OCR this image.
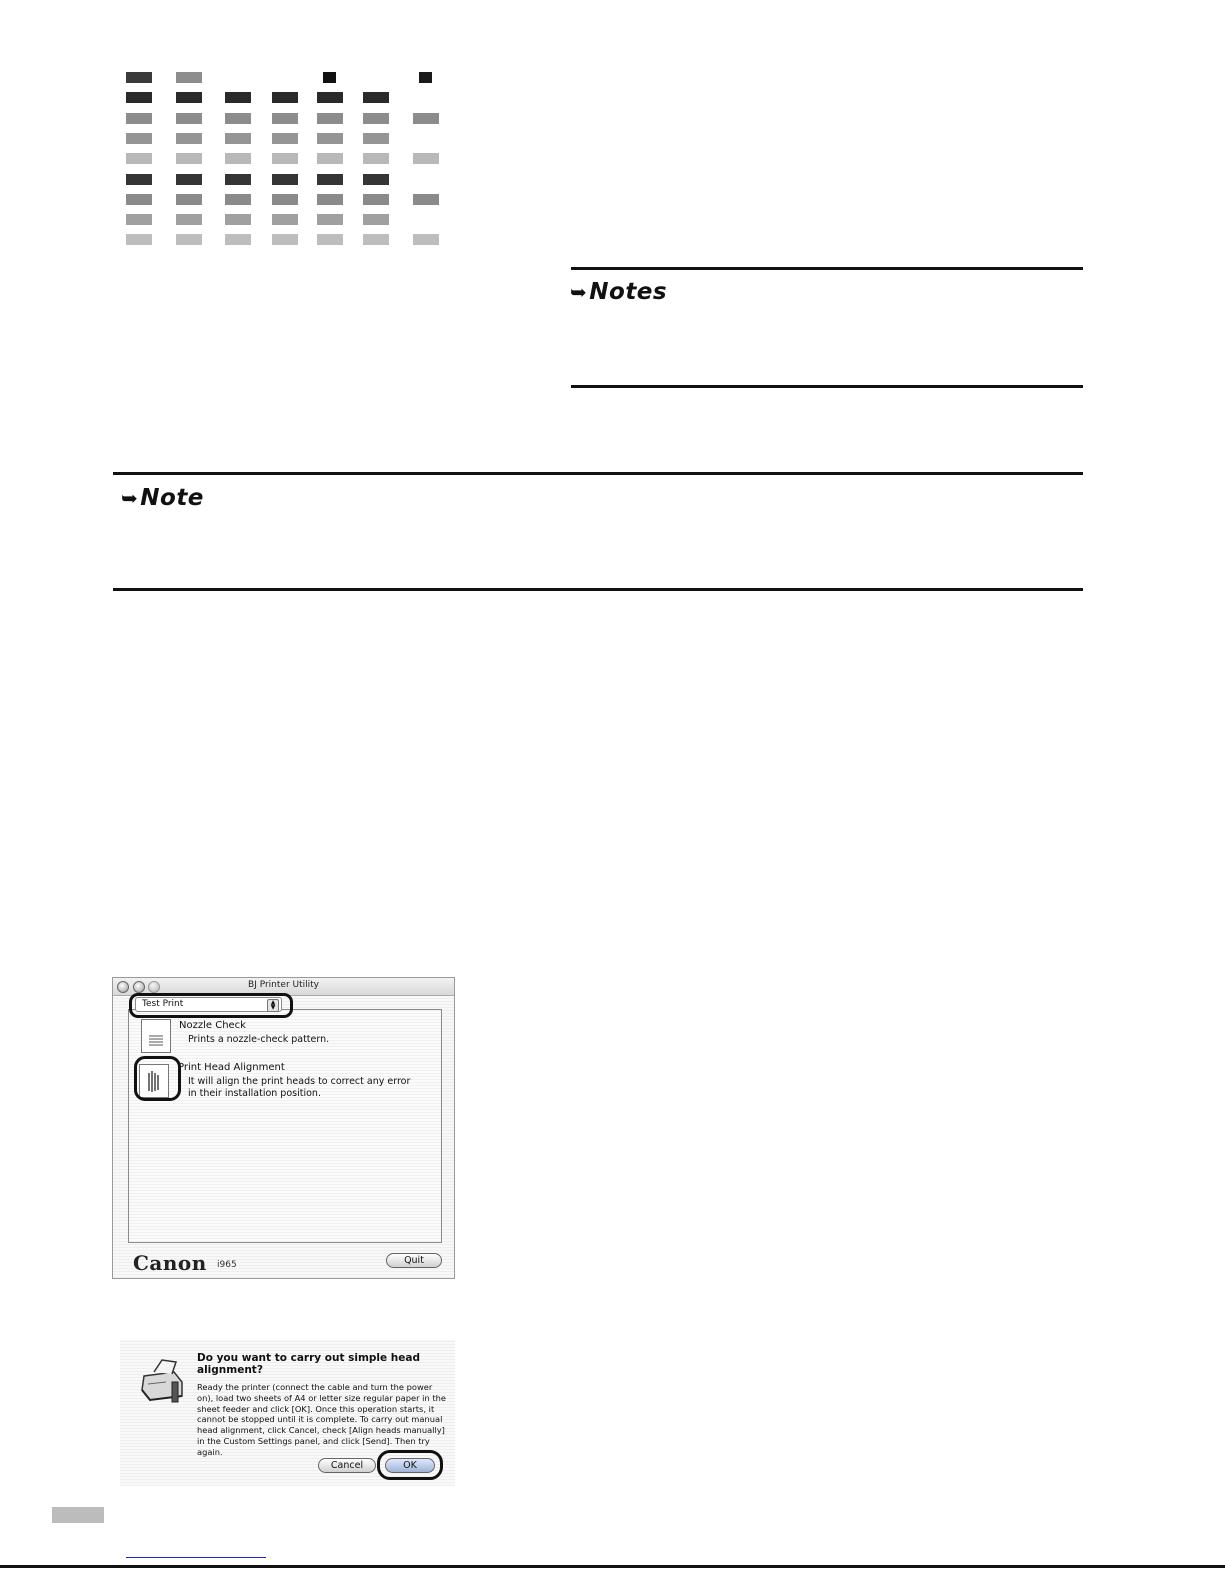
➥Notes
➥Note
BJ Printer Utility
Nozzle Check
Prints a nozzle-check pattern.
Print Head Alignment
It will align the print heads to correct any error
in their installation position.
Test Print	▲
▼
Canon i965	Quit
Do you want to carry out simple head alignment?
Ready the printer (connect the cable and turn the power on), load two sheets of A4 or letter size regular paper in the sheet feeder and click [OK]. Once this operation starts, it cannot be stopped until it is complete. To carry out manual head alignment, click Cancel, check [Align heads manually] in the Custom Settings panel, and click [Send]. Then try again.
Cancel	OK
